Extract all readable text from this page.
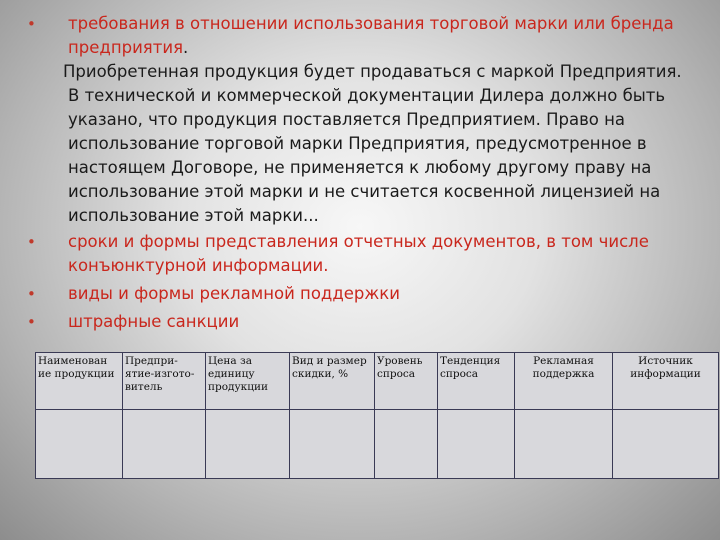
•	требования в отношении использования торговой марки или бренда предприятия.
Приобретенная продукция будет продаваться с маркой Предприятия.
В технической и коммерческой документации Дилера должно быть
указано, что продукция поставляется Предприятием. Право на
использование торговой марки Предприятия, предусмотренное в
настоящем Договоре, не применяется к любому другому праву на
использование этой марки и не считается косвенной лицензией на
использование этой марки...
•	сроки и формы представления отчетных документов, в том числе конъюнктурной информации.
•	виды и формы рекламной поддержки
•	штрафные санкции
Наименован ие продукции	Предпри- ятие-изгото- витель	Цена за единицу продукции	Вид и размер скидки, %	Уровень спроса	Тенденция спроса	Рекламная поддержка	Источник информации
